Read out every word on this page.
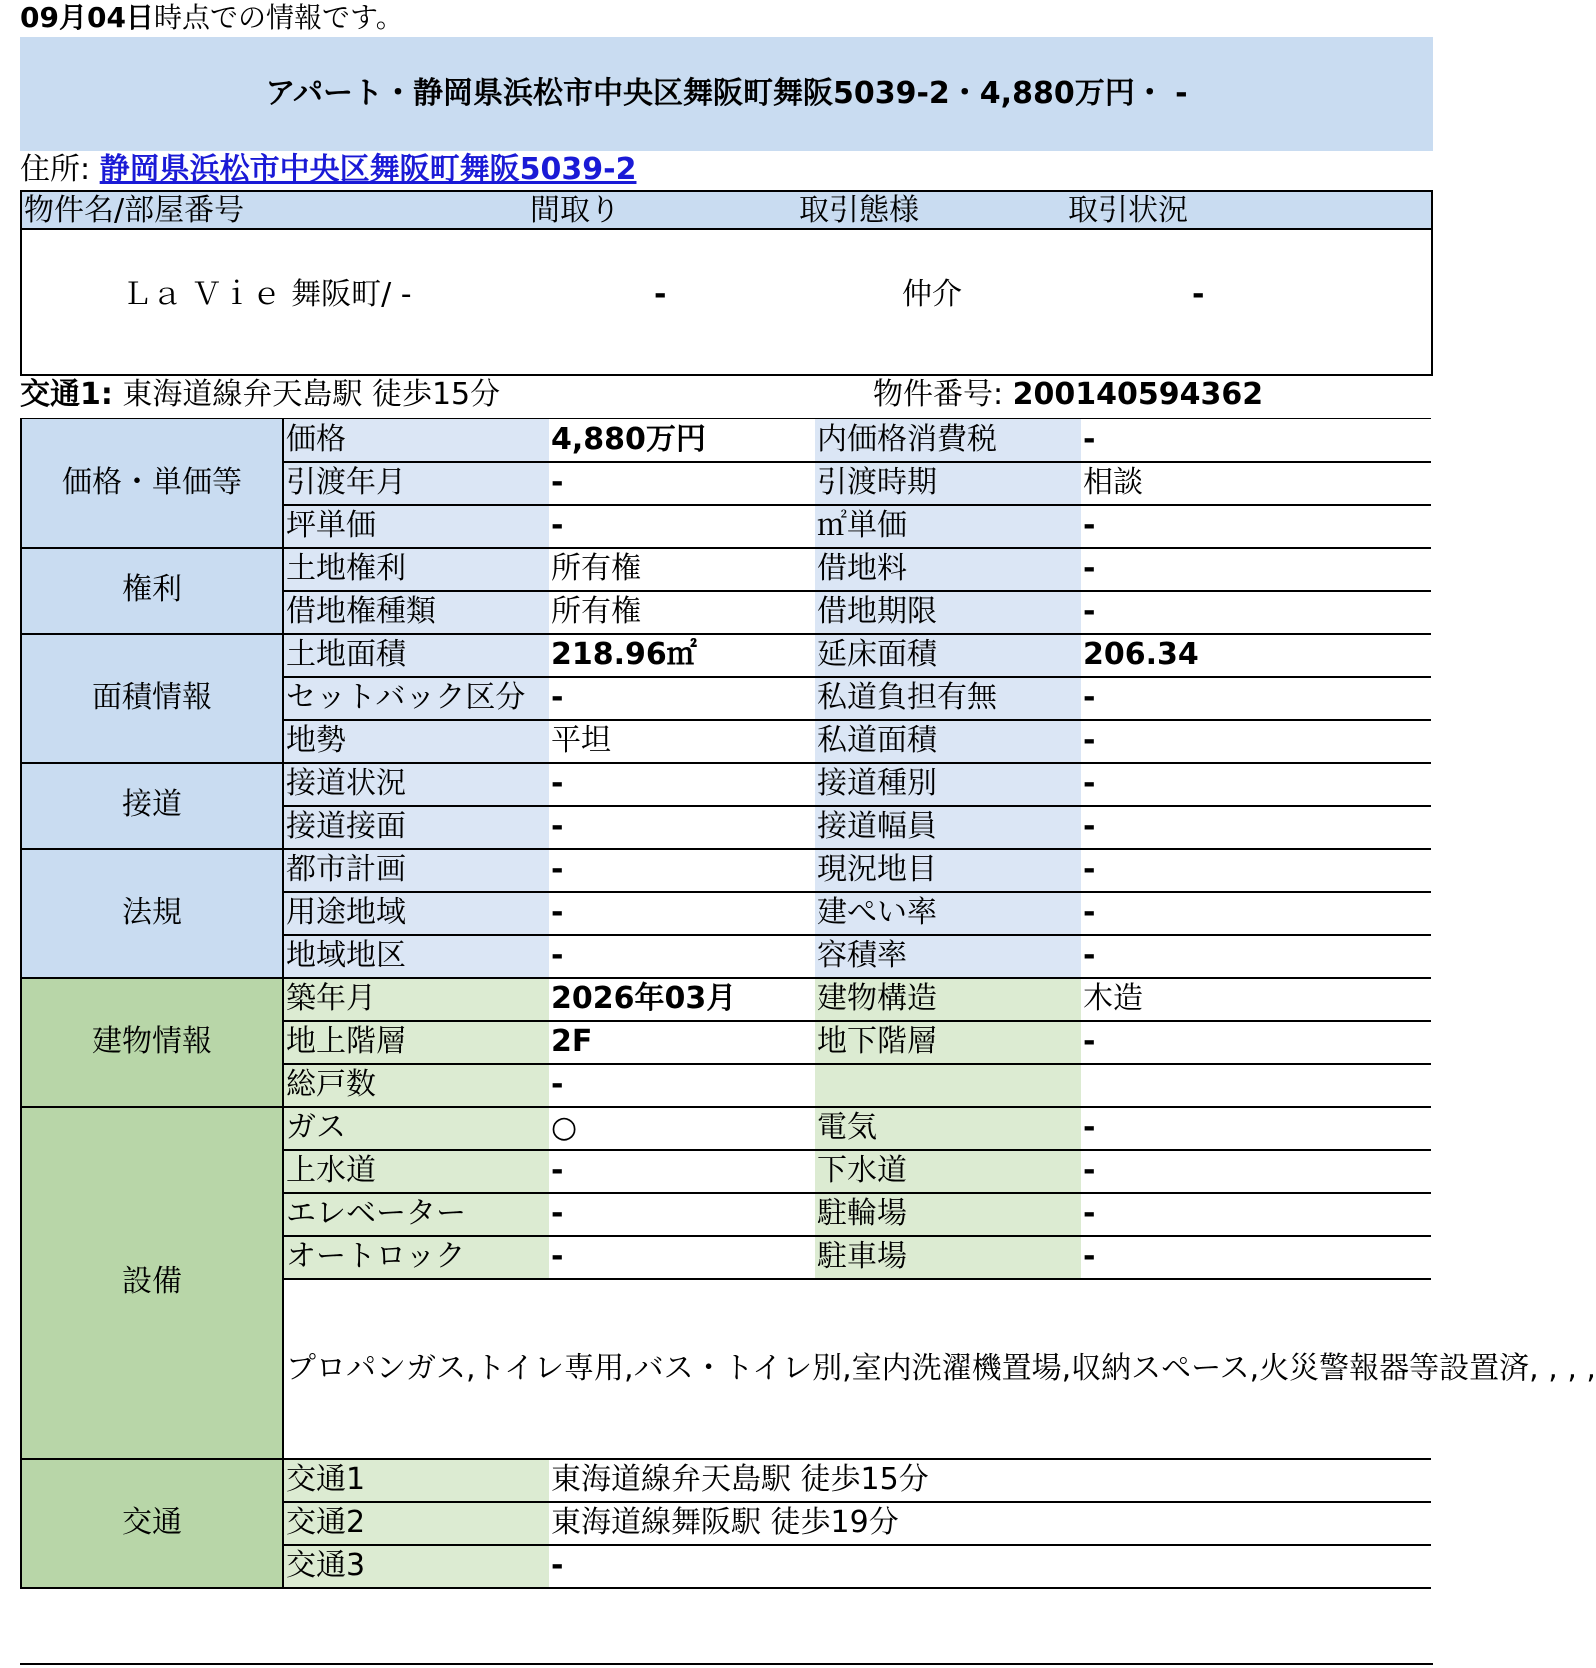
09月04日時点での情報です。
アパート・静岡県浜松市中央区舞阪町舞阪5039-2・4,880万円・ -
住所: 静岡県浜松市中央区舞阪町舞阪5039-2
物件名/部屋番号	間取り	取引態様	取引状況
Ｌａ Ｖｉｅ 舞阪町/ -	-	仲介	-
交通1: 東海道線弁天島駅 徒歩15分	物件番号: 200140594362
価格・単価等	価格	4,880万円	内価格消費税	-
	引渡年月	-	引渡時期	相談
	坪単価	-	㎡単価	-
権利	土地権利	所有権	借地料	-
	借地権種類	所有権	借地期限	-
面積情報	土地面積	218.96㎡	延床面積	206.34
	セットバック区分	-	私道負担有無	-
	地勢	平坦	私道面積	-
接道	接道状況	-	接道種別	-
	接道接面	-	接道幅員	-
法規	都市計画	-	現況地目	-
	用途地域	-	建ぺい率	-
	地域地区	-	容積率	-
建物情報	築年月	2026年03月	建物構造	木造
	地上階層	2F	地下階層	-
	総戸数	-		
設備	ガス	○	電気	-
	上水道	-	下水道	-
	エレベーター	-	駐輪場	-
	オートロック	-	駐車場	-
	プロパンガス,トイレ専用,バス・トイレ別,室内洗濯機置場,収納スペース,火災警報器等設置済, , , ,			
交通	交通1	東海道線弁天島駅 徒歩15分		
	交通2	東海道線舞阪駅 徒歩19分		
	交通3	-		
